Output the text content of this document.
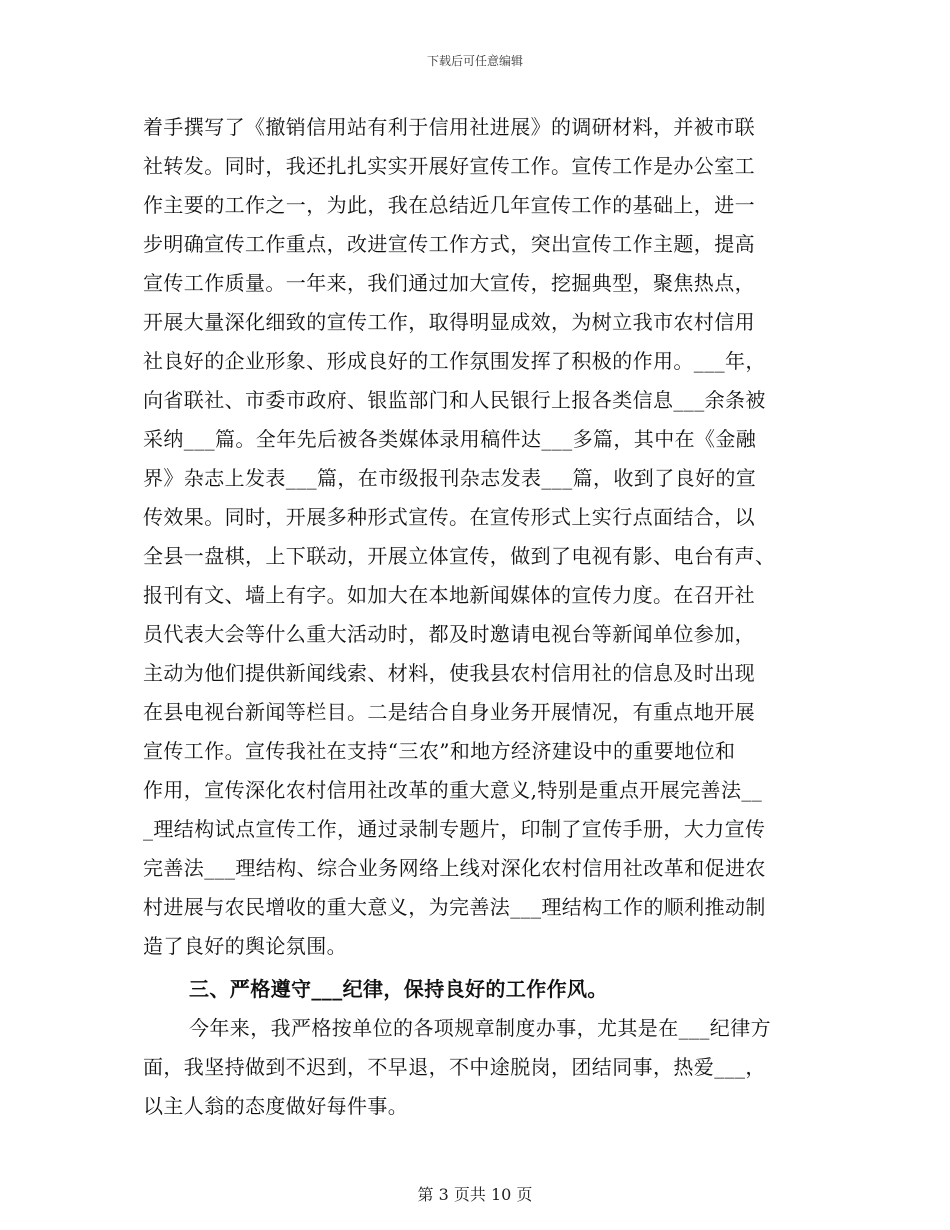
下载后可任意编辑
着手撰写了《撤销信用站有利于信用社进展》的调研材料，并被市联
社转发。同时，我还扎扎实实开展好宣传工作。宣传工作是办公室工
作主要的工作之一，为此，我在总结近几年宣传工作的基础上，进一
步明确宣传工作重点，改进宣传工作方式，突出宣传工作主题，提高
宣传工作质量。一年来，我们通过加大宣传，挖掘典型，聚焦热点，
开展大量深化细致的宣传工作，取得明显成效，为树立我市农村信用
社良好的企业形象、形成良好的工作氛围发挥了积极的作用。___年，
向省联社、市委市政府、银监部门和人民银行上报各类信息___余条被
采纳___篇。全年先后被各类媒体录用稿件达___多篇，其中在《金融
界》杂志上发表___篇，在市级报刊杂志发表___篇，收到了良好的宣
传效果。同时，开展多种形式宣传。在宣传形式上实行点面结合，以
全县一盘棋，上下联动，开展立体宣传，做到了电视有影、电台有声、
报刊有文、墙上有字。如加大在本地新闻媒体的宣传力度。在召开社
员代表大会等什么重大活动时，都及时邀请电视台等新闻单位参加，
主动为他们提供新闻线索、材料，使我县农村信用社的信息及时出现
在县电视台新闻等栏目。二是结合自身业务开展情况，有重点地开展
宣传工作。宣传我社在支持“三农”和地方经济建设中的重要地位和
作用，宣传深化农村信用社改革的重大意义,特别是重点开展完善法__
_理结构试点宣传工作，通过录制专题片，印制了宣传手册，大力宣传
完善法___理结构、综合业务网络上线对深化农村信用社改革和促进农
村进展与农民增收的重大意义，为完善法___理结构工作的顺利推动制
造了良好的舆论氛围。
三、严格遵守___纪律，保持良好的工作作风。
今年来，我严格按单位的各项规章制度办事，尤其是在___纪律方
面，我坚持做到不迟到，不早退，不中途脱岗，团结同事，热爱___，
以主人翁的态度做好每件事。
第 3 页共 10 页
